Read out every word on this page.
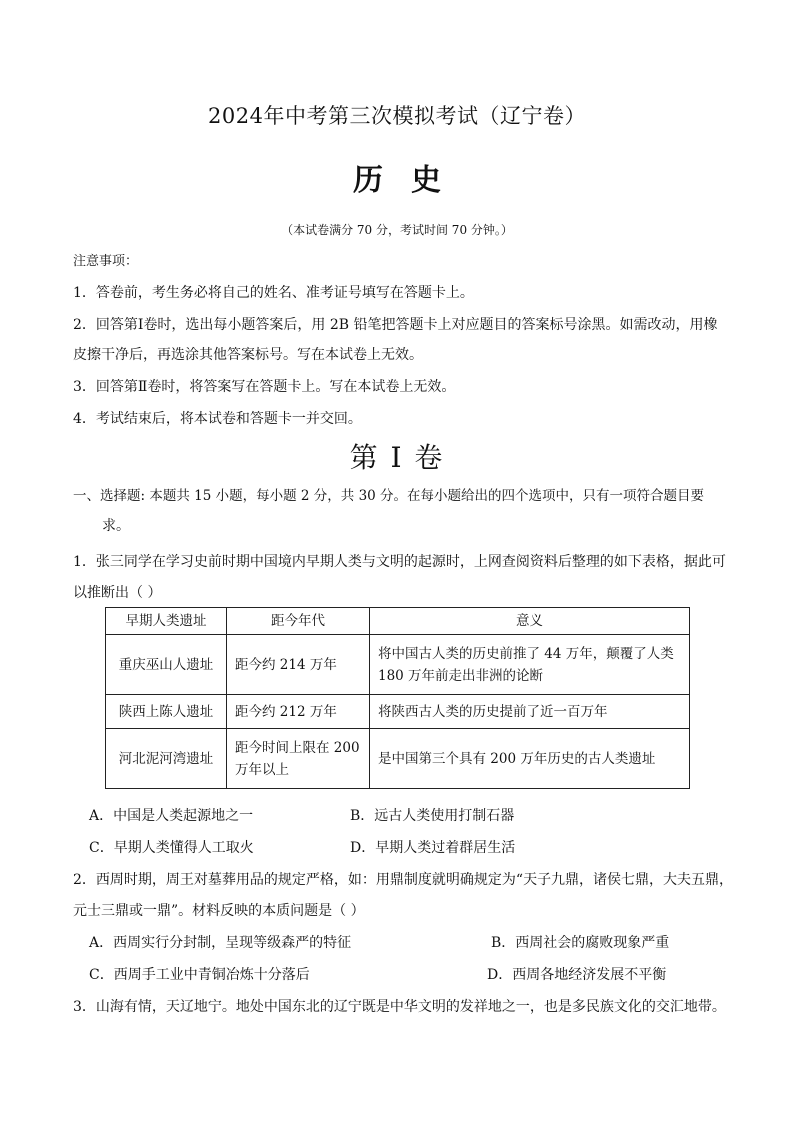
2024年中考第三次模拟考试（辽宁卷）
历史
（本试卷满分 70 分，考试时间 70 分钟。）
注意事项：
1．答卷前，考生务必将自己的姓名、准考证号填写在答题卡上。
2．回答第Ⅰ卷时，选出每小题答案后，用 2B 铅笔把答题卡上对应题目的答案标号涂黑。如需改动，用橡
皮擦干净后，再选涂其他答案标号。写在本试卷上无效。
3．回答第Ⅱ卷时，将答案写在答题卡上。写在本试卷上无效。
4．考试结束后，将本试卷和答题卡一并交回。
第 I 卷
一、选择题: 本题共 15 小题，每小题 2 分，共 30 分。在每小题给出的四个选项中，只有一项符合题目要
求。
1．张三同学在学习史前时期中国境内早期人类与文明的起源时，上网查阅资料后整理的如下表格，据此可
以推断出（ ）
早期人类遗址	距今年代	意义
重庆巫山人遗址	距今约 214 万年	将中国古人类的历史前推了 44 万年，颠覆了人类 180 万年前走出非洲的论断
陕西上陈人遗址	距今约 212 万年	将陕西古人类的历史提前了近一百万年
河北泥河湾遗址	距今时间上限在 200 万年以上	是中国第三个具有 200 万年历史的古人类遗址
A．中国是人类起源地之一	B．远古人类使用打制石器
C．早期人类懂得人工取火	D．早期人类过着群居生活
2．西周时期，周王对墓葬用品的规定严格，如：用鼎制度就明确规定为“天子九鼎，诸侯七鼎，大夫五鼎，
元士三鼎或一鼎”。材料反映的本质问题是（ ）
A．西周实行分封制，呈现等级森严的特征	B．西周社会的腐败现象严重
C．西周手工业中青铜冶炼十分落后	D．西周各地经济发展不平衡
3．山海有情，天辽地宁。地处中国东北的辽宁既是中华文明的发祥地之一，也是多民族文化的交汇地带。
